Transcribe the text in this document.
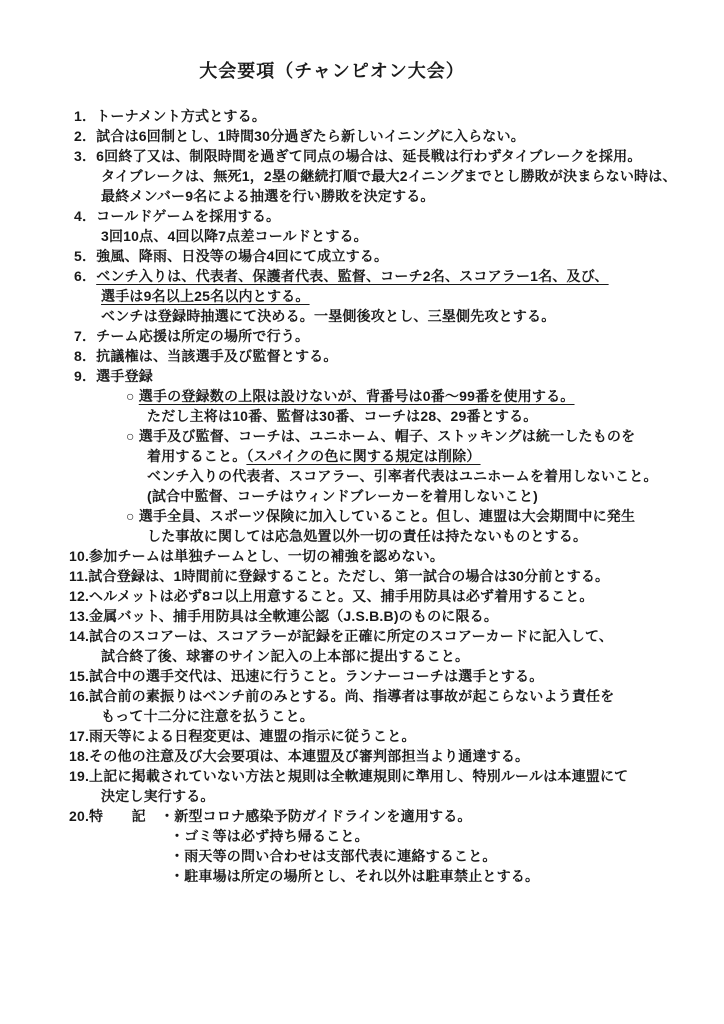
大会要項（チャンピオン大会）
1．トーナメント方式とする。
2．試合は6回制とし、1時間30分過ぎたら新しいイニングに入らない。
3．6回終了又は、制限時間を過ぎて同点の場合は、延長戦は行わずタイブレークを採用。
タイブレークは、無死1，2塁の継続打順で最大2イニングまでとし勝敗が決まらない時は、
最終メンバー9名による抽選を行い勝敗を決定する。
4．コールドゲームを採用する。
3回10点、4回以降7点差コールドとする。
5．強風、降雨、日没等の場合4回にて成立する。
6．ベンチ入りは、代表者、保護者代表、監督、コーチ2名、スコアラー1名、及び、
選手は9名以上25名以内とする。
ベンチは登録時抽選にて決める。一塁側後攻とし、三塁側先攻とする。
7．チーム応援は所定の場所で行う。
8．抗議権は、当該選手及び監督とする。
9．選手登録
○ 選手の登録数の上限は設けないが、背番号は0番～99番を使用する。
ただし主将は10番、監督は30番、コーチは28、29番とする。
○ 選手及び監督、コーチは、ユニホーム、帽子、ストッキングは統一したものを
着用すること。（スパイクの色に関する規定は削除）
ベンチ入りの代表者、スコアラー、引率者代表はユニホームを着用しないこと。
(試合中監督、コーチはウィンドブレーカーを着用しないこと)
○ 選手全員、スポーツ保険に加入していること。但し、連盟は大会期間中に発生
した事故に関しては応急処置以外一切の責任は持たないものとする。
10.参加チームは単独チームとし、一切の補強を認めない。
11.試合登録は、1時間前に登録すること。ただし、第一試合の場合は30分前とする。
12.ヘルメットは必ず8コ以上用意すること。又、捕手用防具は必ず着用すること。
13.金属バット、捕手用防具は全軟連公認（J.S.B.B)のものに限る。
14.試合のスコアーは、スコアラーが記録を正確に所定のスコアーカードに記入して、
試合終了後、球審のサイン記入の上本部に提出すること。
15.試合中の選手交代は、迅速に行うこと。ランナーコーチは選手とする。
16.試合前の素振りはベンチ前のみとする。尚、指導者は事故が起こらないよう責任を
もって十二分に注意を払うこと。
17.雨天等による日程変更は、連盟の指示に従うこと。
18.その他の注意及び大会要項は、本連盟及び審判部担当より通達する。
19.上記に掲載されていない方法と規則は全軟連規則に準用し、特別ルールは本連盟にて
決定し実行する。
20.特　　記　・新型コロナ感染予防ガイドラインを適用する。
・ゴミ等は必ず持ち帰ること。
・雨天等の問い合わせは支部代表に連絡すること。
・駐車場は所定の場所とし、それ以外は駐車禁止とする。
